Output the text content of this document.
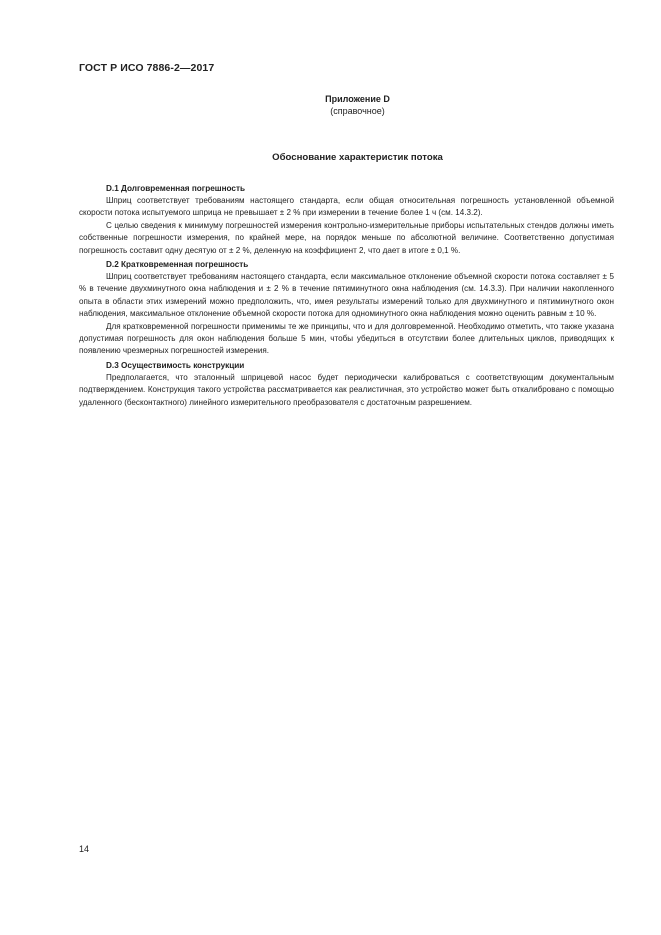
ГОСТ Р ИСО 7886-2—2017
Приложение D
(справочное)
Обоснование характеристик потока
D.1 Долговременная погрешность

Шприц соответствует требованиям настоящего стандарта, если общая относительная погрешность установленной объемной скорости потока испытуемого шприца не превышает ± 2 % при измерении в течение более 1 ч (см. 14.3.2).

С целью сведения к минимуму погрешностей измерения контрольно-измерительные приборы испытательных стендов должны иметь собственные погрешности измерения, по крайней мере, на порядок меньше по абсолютной величине. Соответственно допустимая погрешность составит одну десятую от ± 2 %, деленную на коэффициент 2, что дает в итоге ± 0,1 %.

D.2 Кратковременная погрешность

Шприц соответствует требованиям настоящего стандарта, если максимальное отклонение объемной скорости потока составляет ± 5 % в течение двухминутного окна наблюдения и ± 2 % в течение пятиминутного окна наблюдения (см. 14.3.3). При наличии накопленного опыта в области этих измерений можно предположить, что, имея результаты измерений только для двухминутного и пятиминутного окон наблюдения, максимальное отклонение объемной скорости потока для одноминутного окна наблюдения можно оценить равным ± 10 %.

Для кратковременной погрешности применимы те же принципы, что и для долговременной. Необходимо отметить, что также указана допустимая погрешность для окон наблюдения больше 5 мин, чтобы убедиться в отсутствии более длительных циклов, приводящих к появлению чрезмерных погрешностей измерения.

D.3 Осуществимость конструкции

Предполагается, что эталонный шприцевой насос будет периодически калиброваться с соответствующим документальным подтверждением. Конструкция такого устройства рассматривается как реалистичная, это устройство может быть откалибровано с помощью удаленного (бесконтактного) линейного измерительного преобразователя с достаточным разрешением.

14
